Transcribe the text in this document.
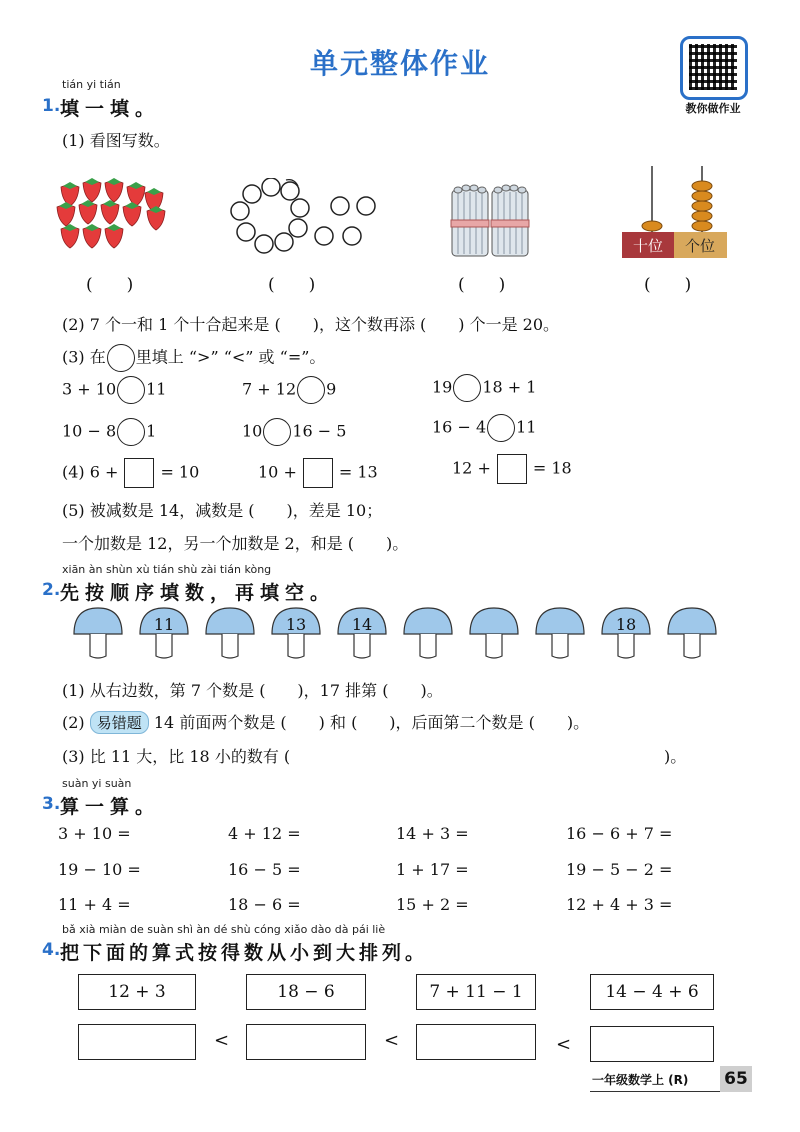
单元整体作业
教你做作业
tián yi tián
1. 填一填。
(1) 看图写数。
十位 个位
(　　)	(　　)	(　　)	(　　)
(2) 7 个一和 1 个十合起来是 (　　)，这个数再添 (　　) 个一是 20。
(3) 在 里填上 “>” “<” 或 “=”。
3 + 10 11	7 + 12 9	19 18 + 1
10 − 8 1	10 16 − 5	16 − 4 11
(4) 6 +	= 10	10 +	= 13	12 +	= 18
(5) 被减数是 14，减数是 (　　)，差是 10；
一个加数是 12，另一个加数是 2，和是 (　　)。
xiān àn shùn xù tián shù zài tián kòng
2. 先按顺序填数，再填空。
11	13	14	18
(1) 从右边数，第 7 个数是 (　　)，17 排第 (　　)。
(2) 易错题 14 前面两个数是 (　　) 和 (　　)，后面第二个数是 (　　)。
(3) 比 11 大，比 18 小的数有 (	)。
suàn yi suàn
3. 算一算。
3 + 10 =	4 + 12 =	14 + 3 =	16 − 6 + 7 =
19 − 10 =	16 − 5 =	1 + 17 =	19 − 5 − 2 =
11 + 4 =	18 − 6 =	15 + 2 =	12 + 4 + 3 =
bǎ xià miàn de suàn shì àn dé shù cóng xiǎo dào dà pái liè
4. 把下面的算式按得数从小到大排列。
12 + 3	18 − 6	7 + 11 − 1	14 − 4 + 6
<	<	<
一年级数学上 (R) 65
